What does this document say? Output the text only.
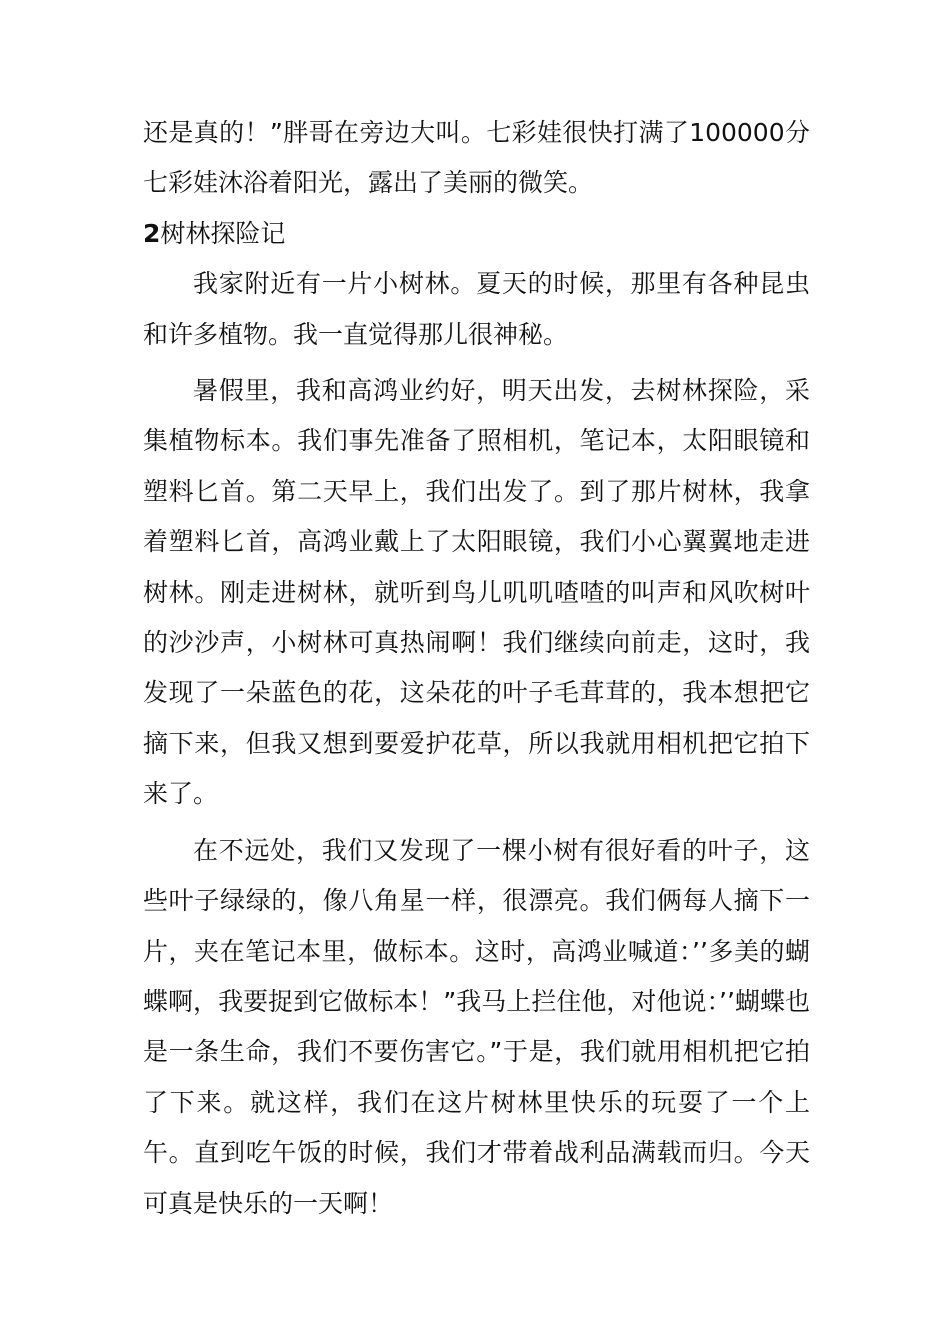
还是真的！”胖哥在旁边大叫。七彩娃很快打满了100000分七彩娃沐浴着阳光，露出了美丽的微笑。

2树林探险记

我家附近有一片小树林。夏天的时候，那里有各种昆虫和许多植物。我一直觉得那儿很神秘。

暑假里，我和高鸿业约好，明天出发，去树林探险，采集植物标本。我们事先准备了照相机，笔记本，太阳眼镜和塑料匕首。第二天早上，我们出发了。到了那片树林，我拿着塑料匕首，高鸿业戴上了太阳眼镜，我们小心翼翼地走进树林。刚走进树林，就听到鸟儿叽叽喳喳的叫声和风吹树叶的沙沙声，小树林可真热闹啊！我们继续向前走，这时，我发现了一朵蓝色的花，这朵花的叶子毛茸茸的，我本想把它摘下来，但我又想到要爱护花草，所以我就用相机把它拍下来了。

在不远处，我们又发现了一棵小树有很好看的叶子，这些叶子绿绿的，像八角星一样，很漂亮。我们俩每人摘下一片，夹在笔记本里，做标本。这时，高鸿业喊道：’’多美的蝴蝶啊，我要捉到它做标本！”我马上拦住他，对他说：’’蝴蝶也是一条生命，我们不要伤害它。”于是，我们就用相机把它拍了下来。就这样，我们在这片树林里快乐的玩耍了一个上午。直到吃午饭的时候，我们才带着战利品满载而归。今天可真是快乐的一天啊！
